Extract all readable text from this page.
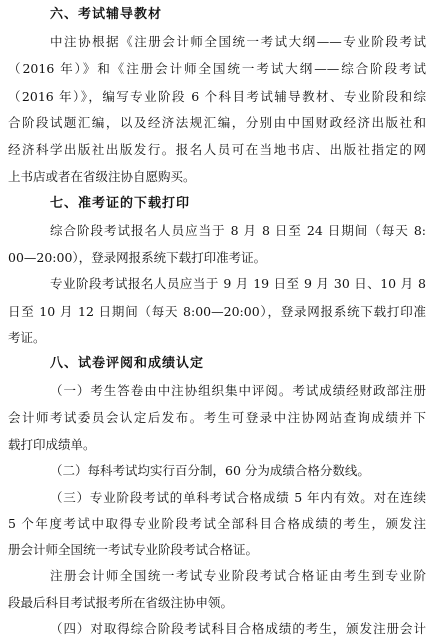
六、考试辅导教材
中注协根据《注册会计师全国统一考试大纲——专业阶段考试
（2016 年）》和《注册会计师全国统一考试大纲——综合阶段考试
（2016 年）》，编写专业阶段 6 个科目考试辅导教材、专业阶段和综
合阶段试题汇编，以及经济法规汇编，分别由中国财政经济出版社和
经济科学出版社出版发行。报名人员可在当地书店、出版社指定的网
上书店或者在省级注协自愿购买。
七、准考证的下载打印
综合阶段考试报名人员应当于 8 月 8 日至 24 日期间（每天 8:
00—20:00），登录网报系统下载打印准考证。
专业阶段考试报名人员应当于 9 月 19 日至 9 月 30 日、10 月 8
日至 10 月 12 日期间（每天 8:00—20:00），登录网报系统下载打印准
考证。
八、试卷评阅和成绩认定
（一）考生答卷由中注协组织集中评阅。考试成绩经财政部注册
会计师考试委员会认定后发布。考生可登录中注协网站查询成绩并下
载打印成绩单。
（二）每科考试均实行百分制，60 分为成绩合格分数线。
（三）专业阶段考试的单科考试合格成绩 5 年内有效。对在连续
5 个年度考试中取得专业阶段考试全部科目合格成绩的考生，颁发注
册会计师全国统一考试专业阶段考试合格证。
注册会计师全国统一考试专业阶段考试合格证由考生到专业阶
段最后科目考试报考所在省级注协申领。
（四）对取得综合阶段考试科目合格成绩的考生，颁发注册会计
